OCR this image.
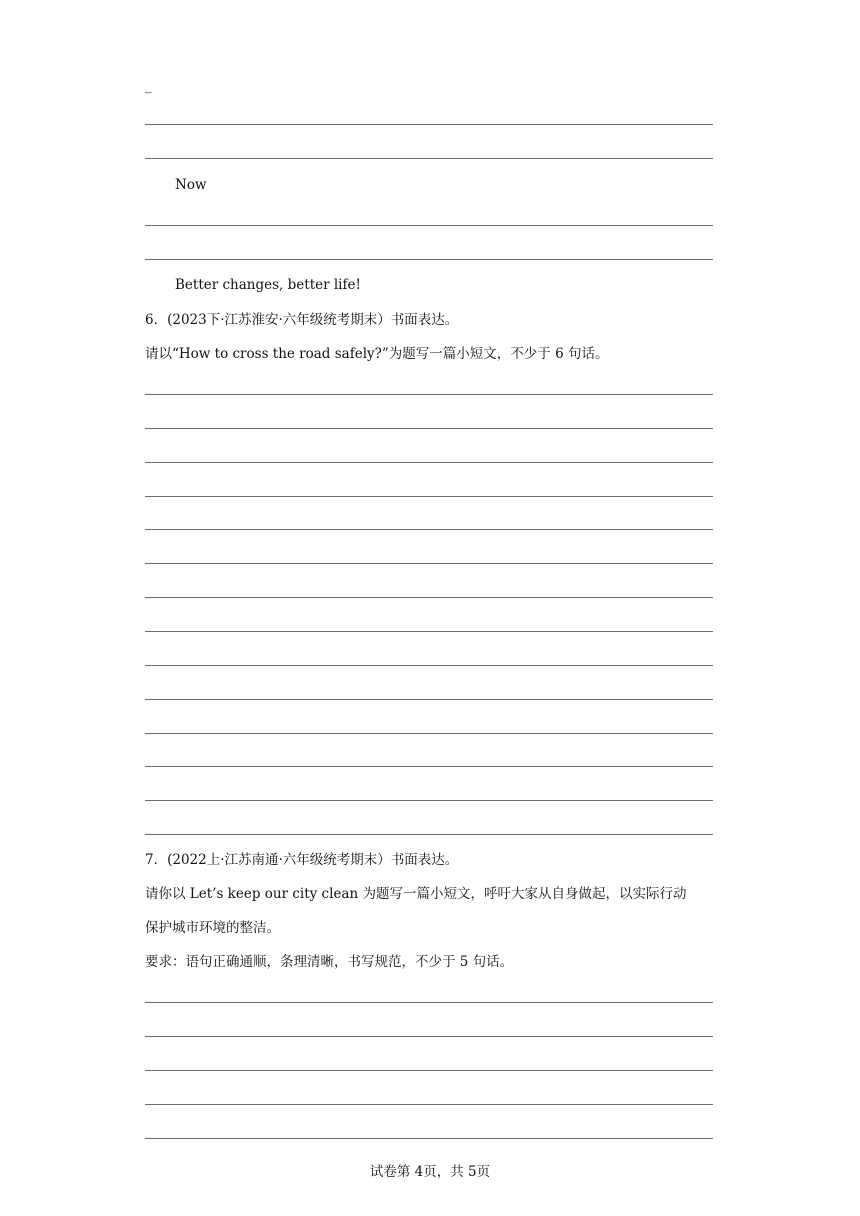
_
Now
Better changes, better life!
6．(2023下·江苏淮安·六年级统考期末）书面表达。
请以“How to cross the road safely?”为题写一篇小短文，不少于 6 句话。
7．(2022上·江苏南通·六年级统考期末）书面表达。
请你以 Let’s keep our city clean 为题写一篇小短文，呼吁大家从自身做起，以实际行动
保护城市环境的整洁。
要求：语句正确通顺，条理清晰，书写规范，不少于 5 句话。
试卷第 4页，共 5页
